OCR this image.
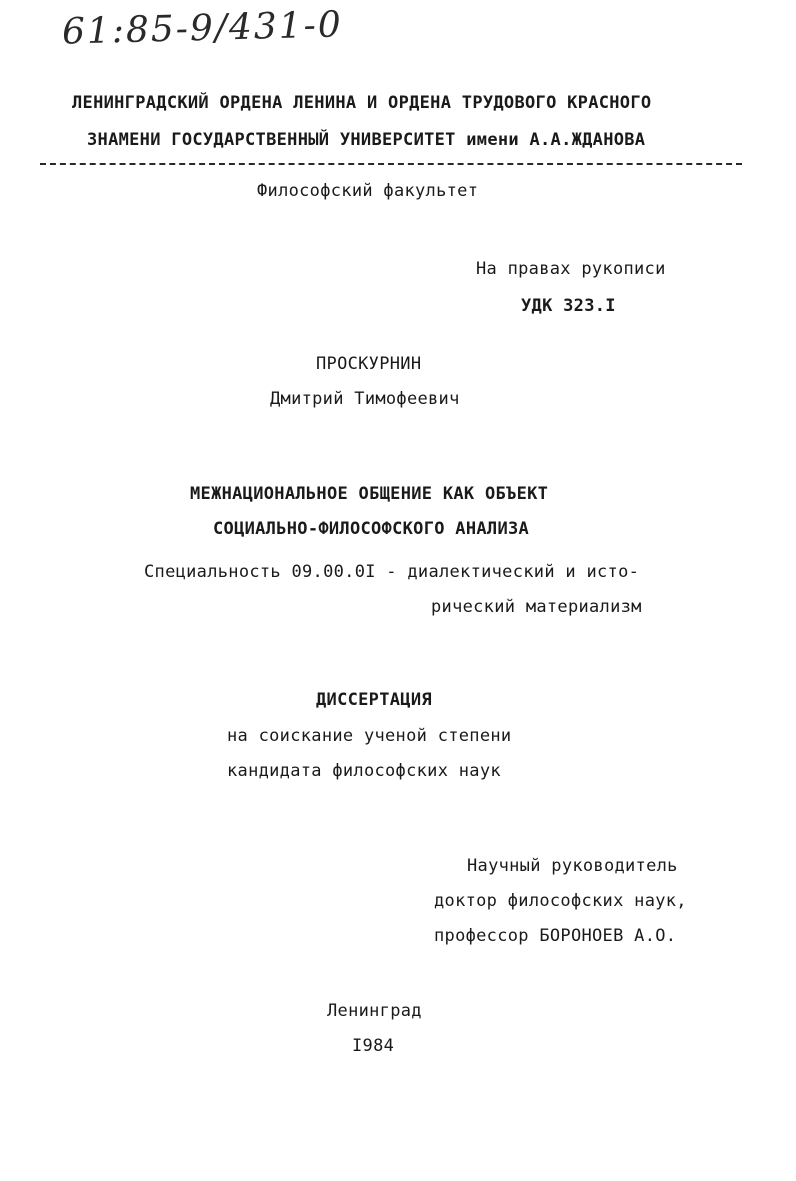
61:85-9/431-0
ЛЕНИНГРАДСКИЙ ОРДЕНА ЛЕНИНА И ОРДЕНА ТРУДОВОГО КРАСНОГО
ЗНАМЕНИ ГОСУДАРСТВЕННЫЙ УНИВЕРСИТЕТ имени А.А.ЖДАНОВА
Философский факультет
На правах рукописи
УДК 323.I
ПРОСКУРНИН
Дмитрий Тимофеевич
МЕЖНАЦИОНАЛЬНОЕ ОБЩЕНИЕ КАК ОБЪЕКТ
СОЦИАЛЬНО-ФИЛОСОФСКОГО АНАЛИЗА
Специальность 09.00.0I - диалектический и исто-
рический материализм
ДИССЕРТАЦИЯ
на соискание ученой степени
кандидата философских наук
Научный руководитель
доктор философских наук,
профессор БОРОНОЕВ А.О.
Ленинград
I984
